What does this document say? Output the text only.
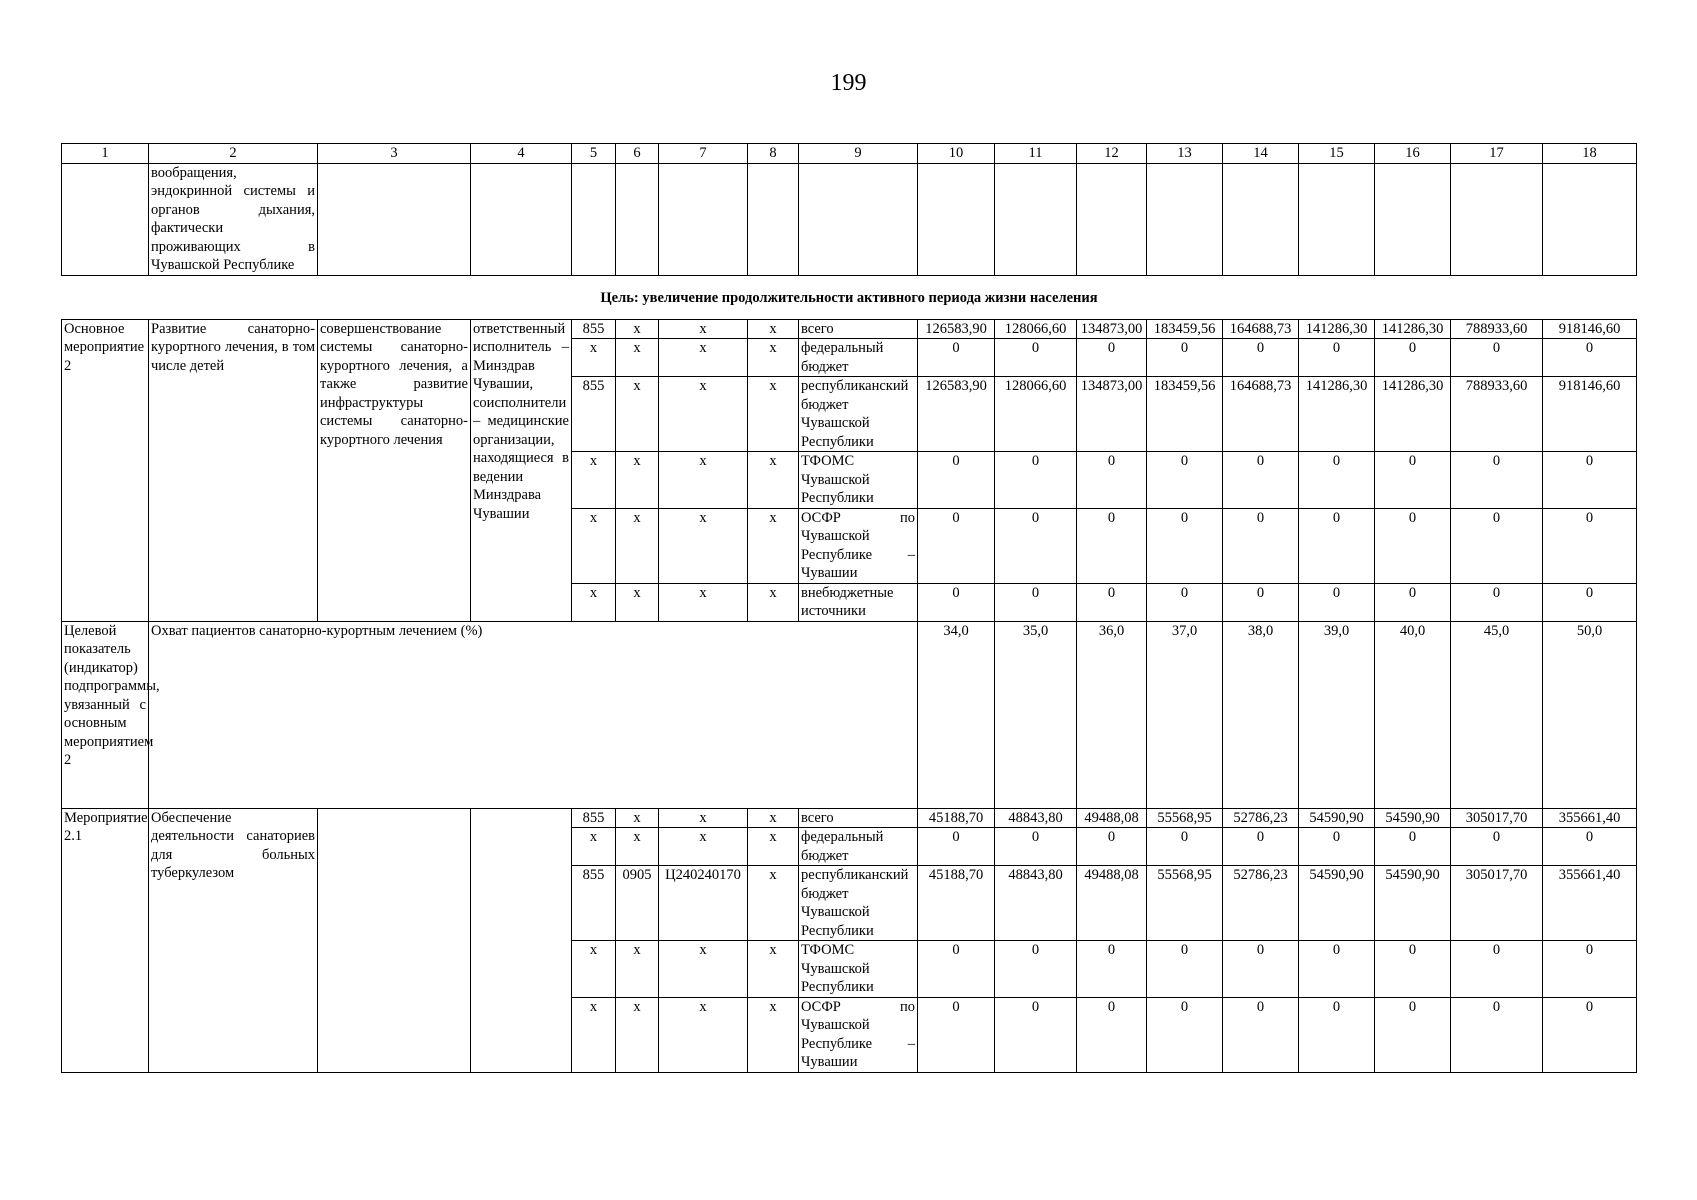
199
1	2	3	4	5	6	7	8	9	10	11	12	13	14	15	16	17	18
	вообращения, эндокринной системы и органов дыхания, фактически проживающих в Чувашской Республике																
Цель: увеличение продолжительности активного периода жизни населения																	
Основное мероприятие 2	Развитие санаторно-курортного лечения, в том числе детей	совершенствование системы санаторно-курортного лечения, а также развитие инфраструктуры системы санаторно-курортного лечения	ответственный исполнитель – Минздрав Чувашии, соисполнители – медицинские организации, находящиеся в ведении Минздрава Чувашии	855	х	х	х	всего	126583,90	128066,60	134873,00	183459,56	164688,73	141286,30	141286,30	788933,60	918146,60
				х	х	х	х	федеральный бюджет	0	0	0	0	0	0	0	0	0
				855	х	х	х	республиканский бюджет Чувашской Республики	126583,90	128066,60	134873,00	183459,56	164688,73	141286,30	141286,30	788933,60	918146,60
				х	х	х	х	ТФОМС Чувашской Республики	0	0	0	0	0	0	0	0	0
				х	х	х	х	ОСФР по Чувашской Республике – Чувашии	0	0	0	0	0	0	0	0	0
				х	х	х	х	внебюджетные источники	0	0	0	0	0	0	0	0	0
Целевой показатель (индикатор) подпрограммы, увязанный с основным мероприятием 2	Охват пациентов санаторно-курортным лечением (%)								34,0	35,0	36,0	37,0	38,0	39,0	40,0	45,0	50,0
Мероприятие 2.1	Обеспечение деятельности санаториев для больных туберкулезом			855	х	х	х	всего	45188,70	48843,80	49488,08	55568,95	52786,23	54590,90	54590,90	305017,70	355661,40
				х	х	х	х	федеральный бюджет	0	0	0	0	0	0	0	0	0
				855	0905	Ц240240170	х	республиканский бюджет Чувашской Республики	45188,70	48843,80	49488,08	55568,95	52786,23	54590,90	54590,90	305017,70	355661,40
				х	х	х	х	ТФОМС Чувашской Республики	0	0	0	0	0	0	0	0	0
				х	х	х	х	ОСФР по Чувашской Республике – Чувашии	0	0	0	0	0	0	0	0	0
